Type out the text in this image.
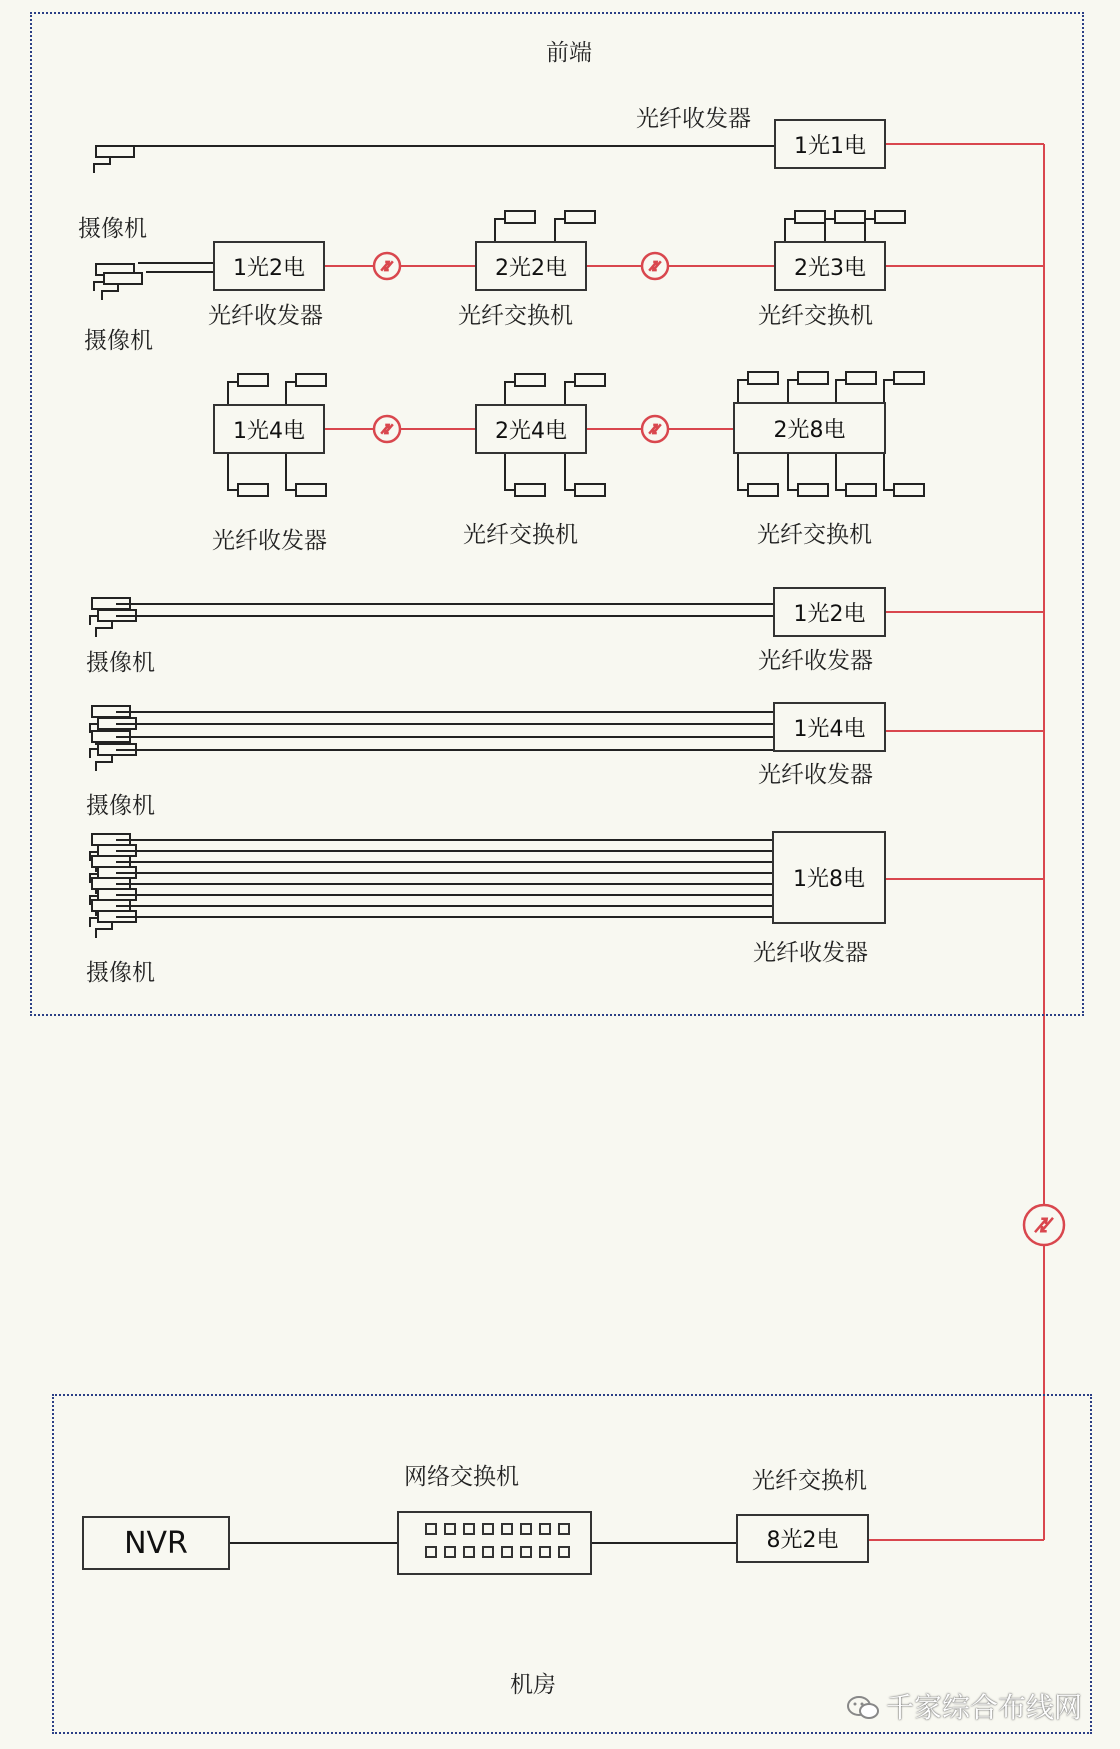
前端
机房
光纤收发器
1光1电
摄像机
摄像机
1光2电	2光2电	2光3电
光纤收发器	光纤交换机	光纤交换机
1光4电	2光4电	2光8电
光纤收发器	光纤交换机	光纤交换机
1光2电
摄像机	光纤收发器
1光4电
光纤收发器
摄像机
1光8电
光纤收发器
摄像机
网络交换机	光纤交换机
NVR	8光2电
千家综合布线网
